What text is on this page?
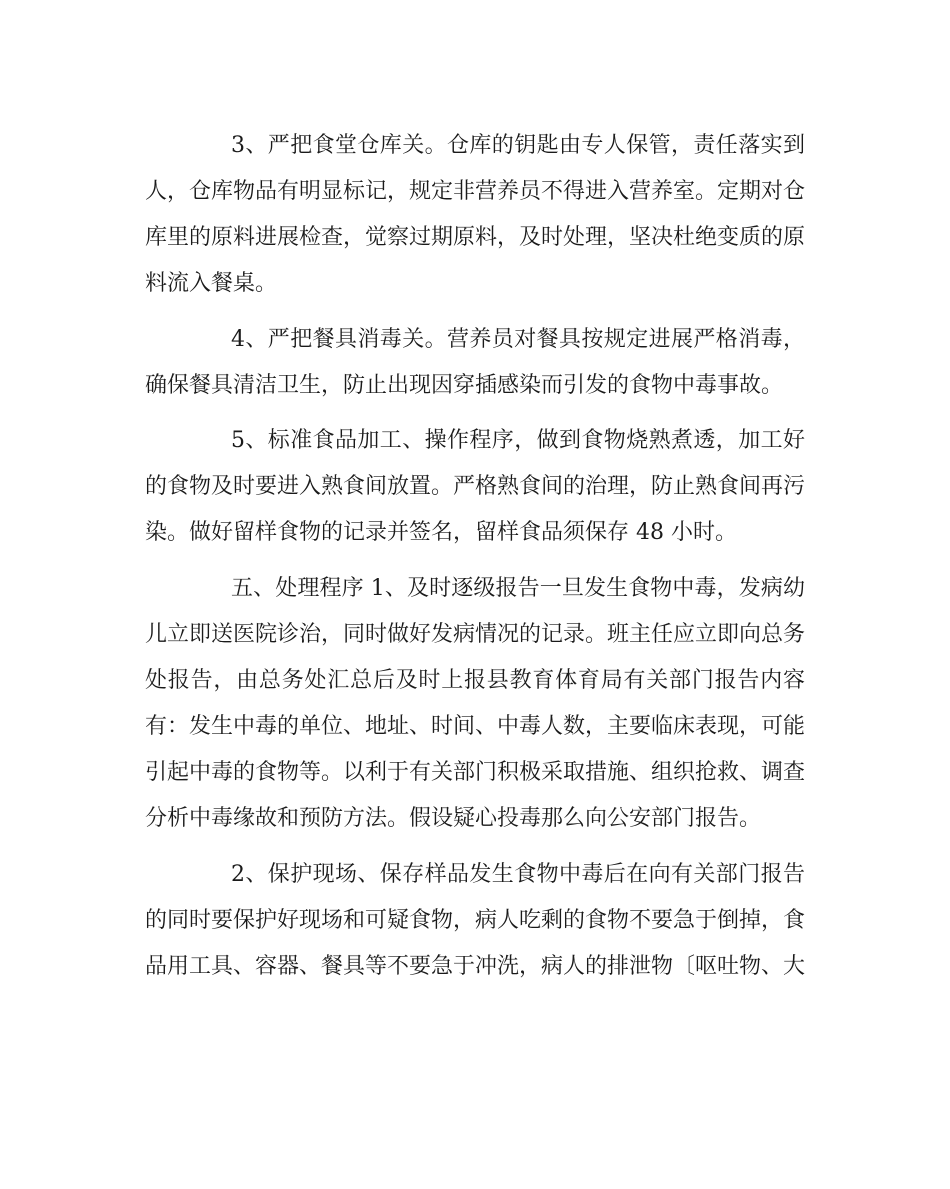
3、严把食堂仓库关。仓库的钥匙由专人保管，责任落实到
人，仓库物品有明显标记，规定非营养员不得进入营养室。定期对仓
库里的原料进展检查，觉察过期原料，及时处理，坚决杜绝变质的原
料流入餐桌。
4、严把餐具消毒关。营养员对餐具按规定进展严格消毒，
确保餐具清洁卫生，防止出现因穿插感染而引发的食物中毒事故。
5、标准食品加工、操作程序，做到食物烧熟煮透，加工好
的食物及时要进入熟食间放置。严格熟食间的治理，防止熟食间再污
染。做好留样食物的记录并签名，留样食品须保存 48 小时。
五、处理程序 1、及时逐级报告一旦发生食物中毒，发病幼
儿立即送医院诊治，同时做好发病情况的记录。班主任应立即向总务
处报告，由总务处汇总后及时上报县教育体育局有关部门报告内容
有：发生中毒的单位、地址、时间、中毒人数，主要临床表现，可能
引起中毒的食物等。以利于有关部门积极采取措施、组织抢救、调查
分析中毒缘故和预防方法。假设疑心投毒那么向公安部门报告。
2、保护现场、保存样品发生食物中毒后在向有关部门报告
的同时要保护好现场和可疑食物，病人吃剩的食物不要急于倒掉，食
品用工具、容器、餐具等不要急于冲洗，病人的排泄物〔呕吐物、大
